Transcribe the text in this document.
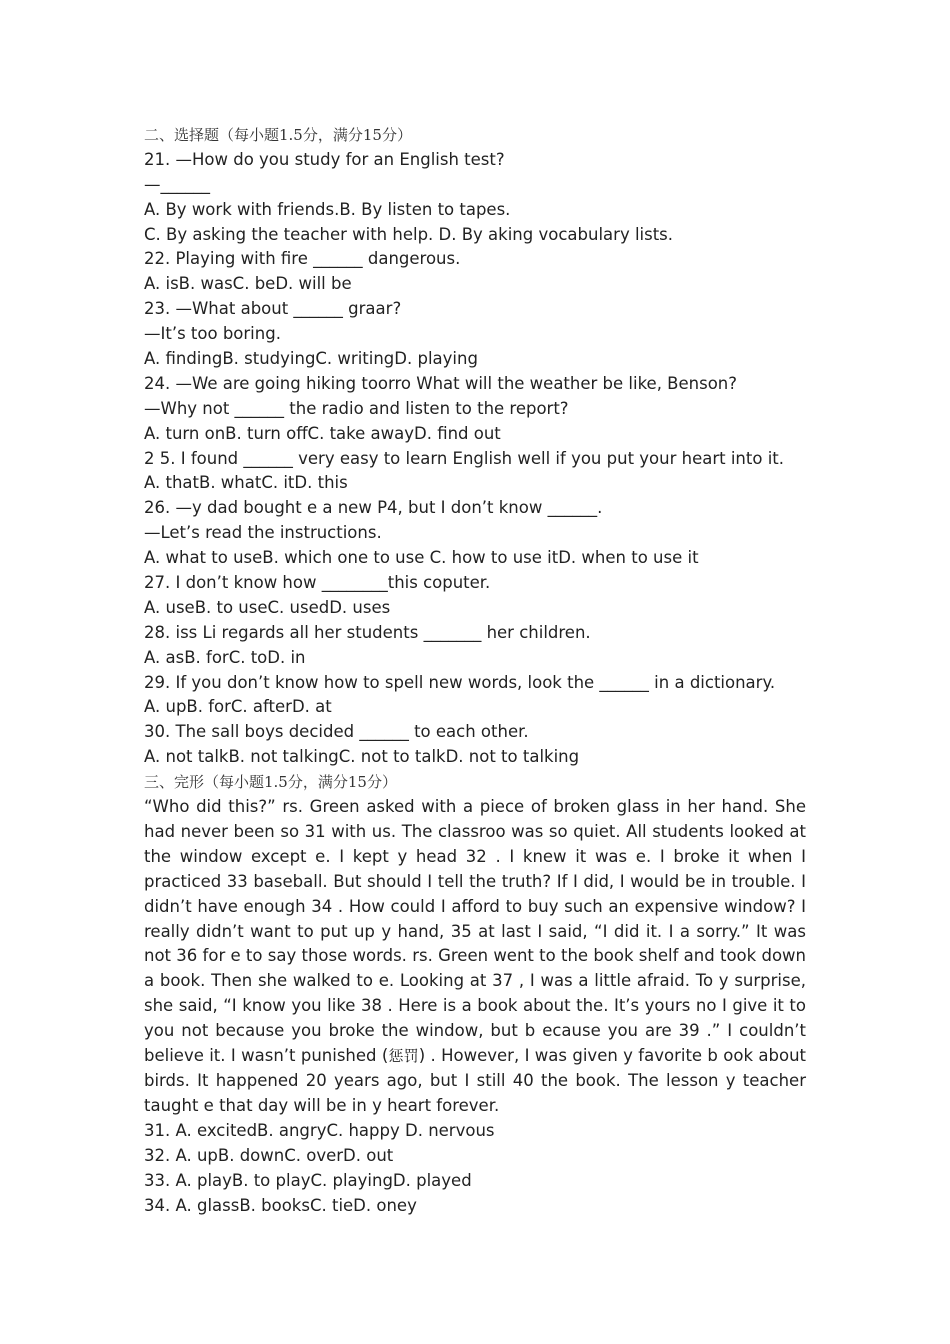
二、选择题（每小题1.5分，满分15分）
21. —How do you study for an English test?
—______
A. By work with friends.B. By listen to tapes.
C. By asking the teacher with help. D. By aking vocabulary lists.
22. Playing with fire ______ dangerous.
A. isB. wasC. beD. will be
23. —What about ______ graar?
—It’s too boring.
A. findingB. studyingC. writingD. playing
24. —We are going hiking toorro What will the weather be like, Benson?
—Why not ______ the radio and listen to the report?
A. turn onB. turn offC. take awayD. find out
2 5. I found ______ very easy to learn English well if you put your heart into it.
A. thatB. whatC. itD. this
26. —y dad bought e a new P4, but I don’t know ______.
—Let’s read the instructions.
A. what to useB. which one to use C. how to use itD. when to use it
27. I don’t know how ________this coputer.
A. useB. to useC. usedD. uses
28. iss Li regards all her students _______ her children.
A. asB. forC. toD. in
29. If you don’t know how to spell new words, look the ______ in a dictionary.
A. upB. forC. afterD. at
30. The sall boys decided ______ to each other.
A. not talkB. not talkingC. not to talkD. not to talking
三、完形（每小题1.5分，满分15分）
“Who did this?” rs. Green asked with a piece of broken glass in her hand. She had never been so 31 with us. The classroo was so quiet. All students looked at the window except e. I kept y head 32 . I knew it was e. I broke it when I practiced 33 baseball. But should I tell the truth? If I did, I would be in trouble. I didn’t have enough 34 . How could I afford to buy such an expensive window? I really didn’t want to put up y hand, 35 at last I said, “I did it. I a sorry.” It was not 36 for e to say those words. rs. Green went to the book shelf and took down a book. Then she walked to e. Looking at 37 , I was a little afraid. To y surprise, she said, “I know you like 38 . Here is a book about the. It’s yours no I give it to you not because you broke the window, but b ecause you are 39 .” I couldn’t believe it. I wasn’t punished (惩罚) . However, I was given y favorite b ook about birds. It happened 20 years ago, but I still 40 the book. The lesson y teacher taught e that day will be in y heart forever.
31. A. excitedB. angryC. happy D. nervous
32. A. upB. downC. overD. out
33. A. playB. to playC. playingD. played
34. A. glassB. booksC. tieD. oney
